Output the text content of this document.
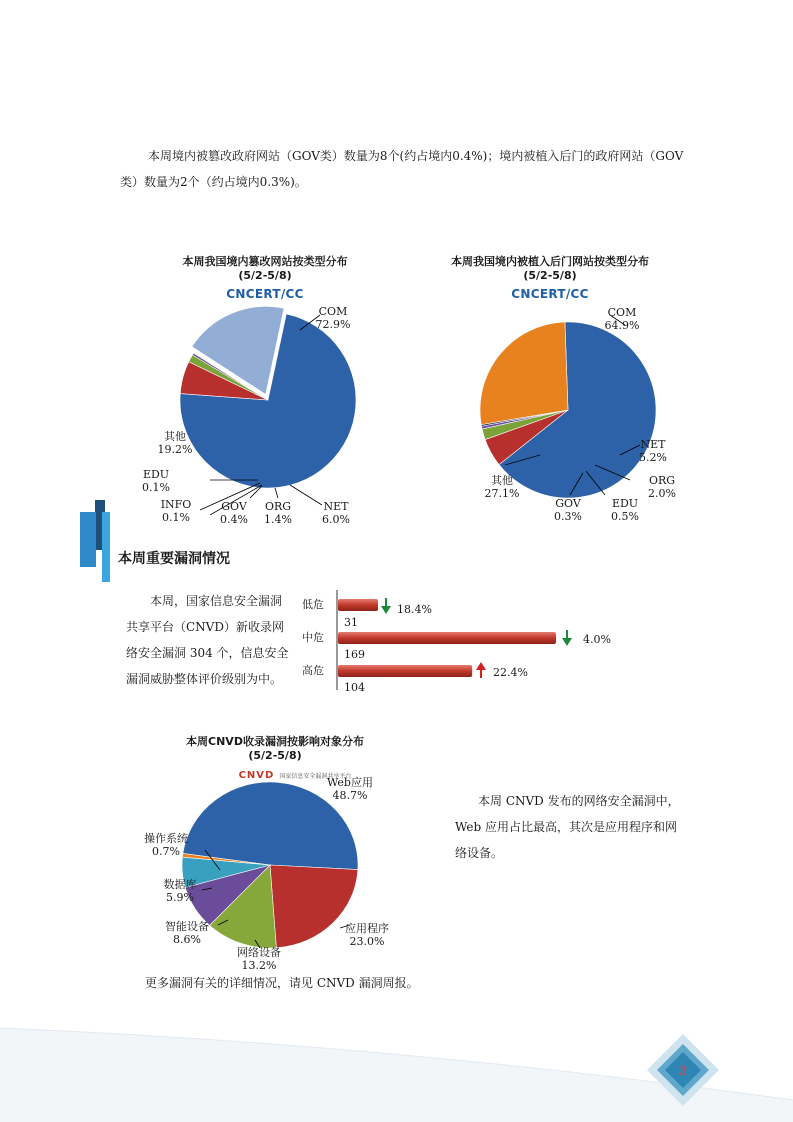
本周境内被篡改政府网站（GOV类）数量为8个(约占境内0.4%)；境内被植入后门的政府网站（GOV
类）数量为2个（约占境内0.3%)。
本周我国境内篡改网站按类型分布
(5/2-5/8)
CNCERT/CC
COM
72.9%
其他
19.2%
EDU
0.1%
INFO
0.1%
GOV
0.4%
ORG
1.4%
NET
6.0%
本周我国境内被植入后门网站按类型分布
(5/2-5/8)
CNCERT/CC
COM
64.9%
NET
5.2%
ORG
2.0%
EDU
0.5%
GOV
0.3%
其他
27.1%
本周重要漏洞情况
本周，国家信息安全漏洞
共享平台（CNVD）新收录网
络安全漏洞 304 个，信息安全
漏洞威胁整体评价级别为中。
低危
31
18.4%
中危
169
4.0%
高危
104
22.4%
本周CNVD收录漏洞按影响对象分布
(5/2-5/8)
CNVD 国家信息安全漏洞共享平台
Web应用
48.7%
操作系统
0.7%
数据库
5.9%
智能设备
8.6%
网络设备
13.2%
应用程序
23.0%
本周 CNVD 发布的网络安全漏洞中，
Web 应用占比最高，其次是应用程序和网
络设备。
更多漏洞有关的详细情况，请见 CNVD 漏洞周报。
3
